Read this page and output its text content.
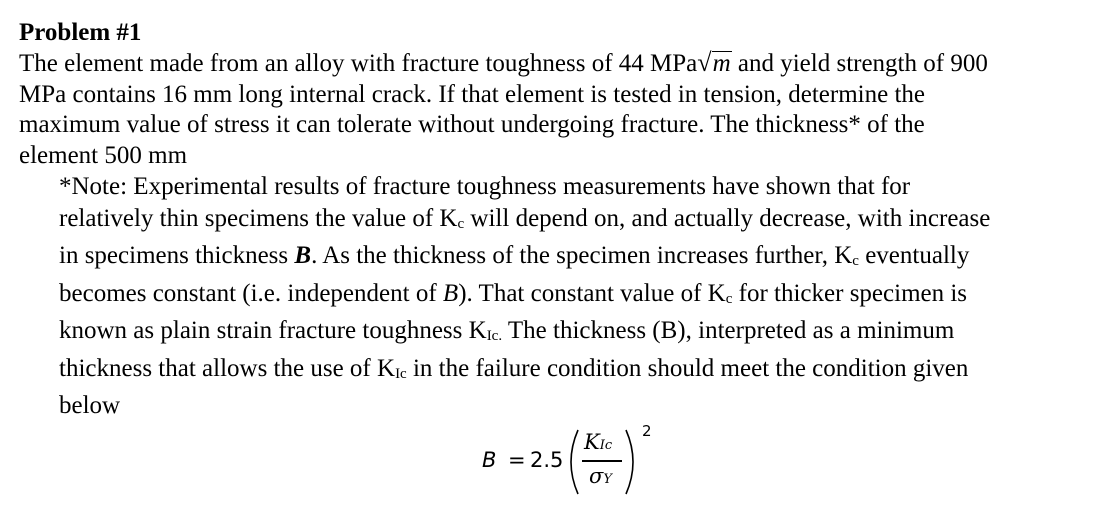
Problem #1

The element made from an alloy with fracture toughness of 44 MPa√m and yield strength of 900
MPa contains 16 mm long internal crack. If that element is tested in tension, determine the
maximum value of stress it can tolerate without undergoing fracture. The thickness* of the
element 500 mm

*Note: Experimental results of fracture toughness measurements have shown that for
relatively thin specimens the value of Kc will depend on, and actually decrease, with increase
in specimens thickness B. As the thickness of the specimen increases further, Kc eventually
becomes constant (i.e. independent of B). That constant value of Kc for thicker specimen is
known as plain strain fracture toughness KIc. The thickness (B), interpreted as a minimum
thickness that allows the use of KIc in the failure condition should meet the condition given
below

B = 2.5
KIc
σY
2
